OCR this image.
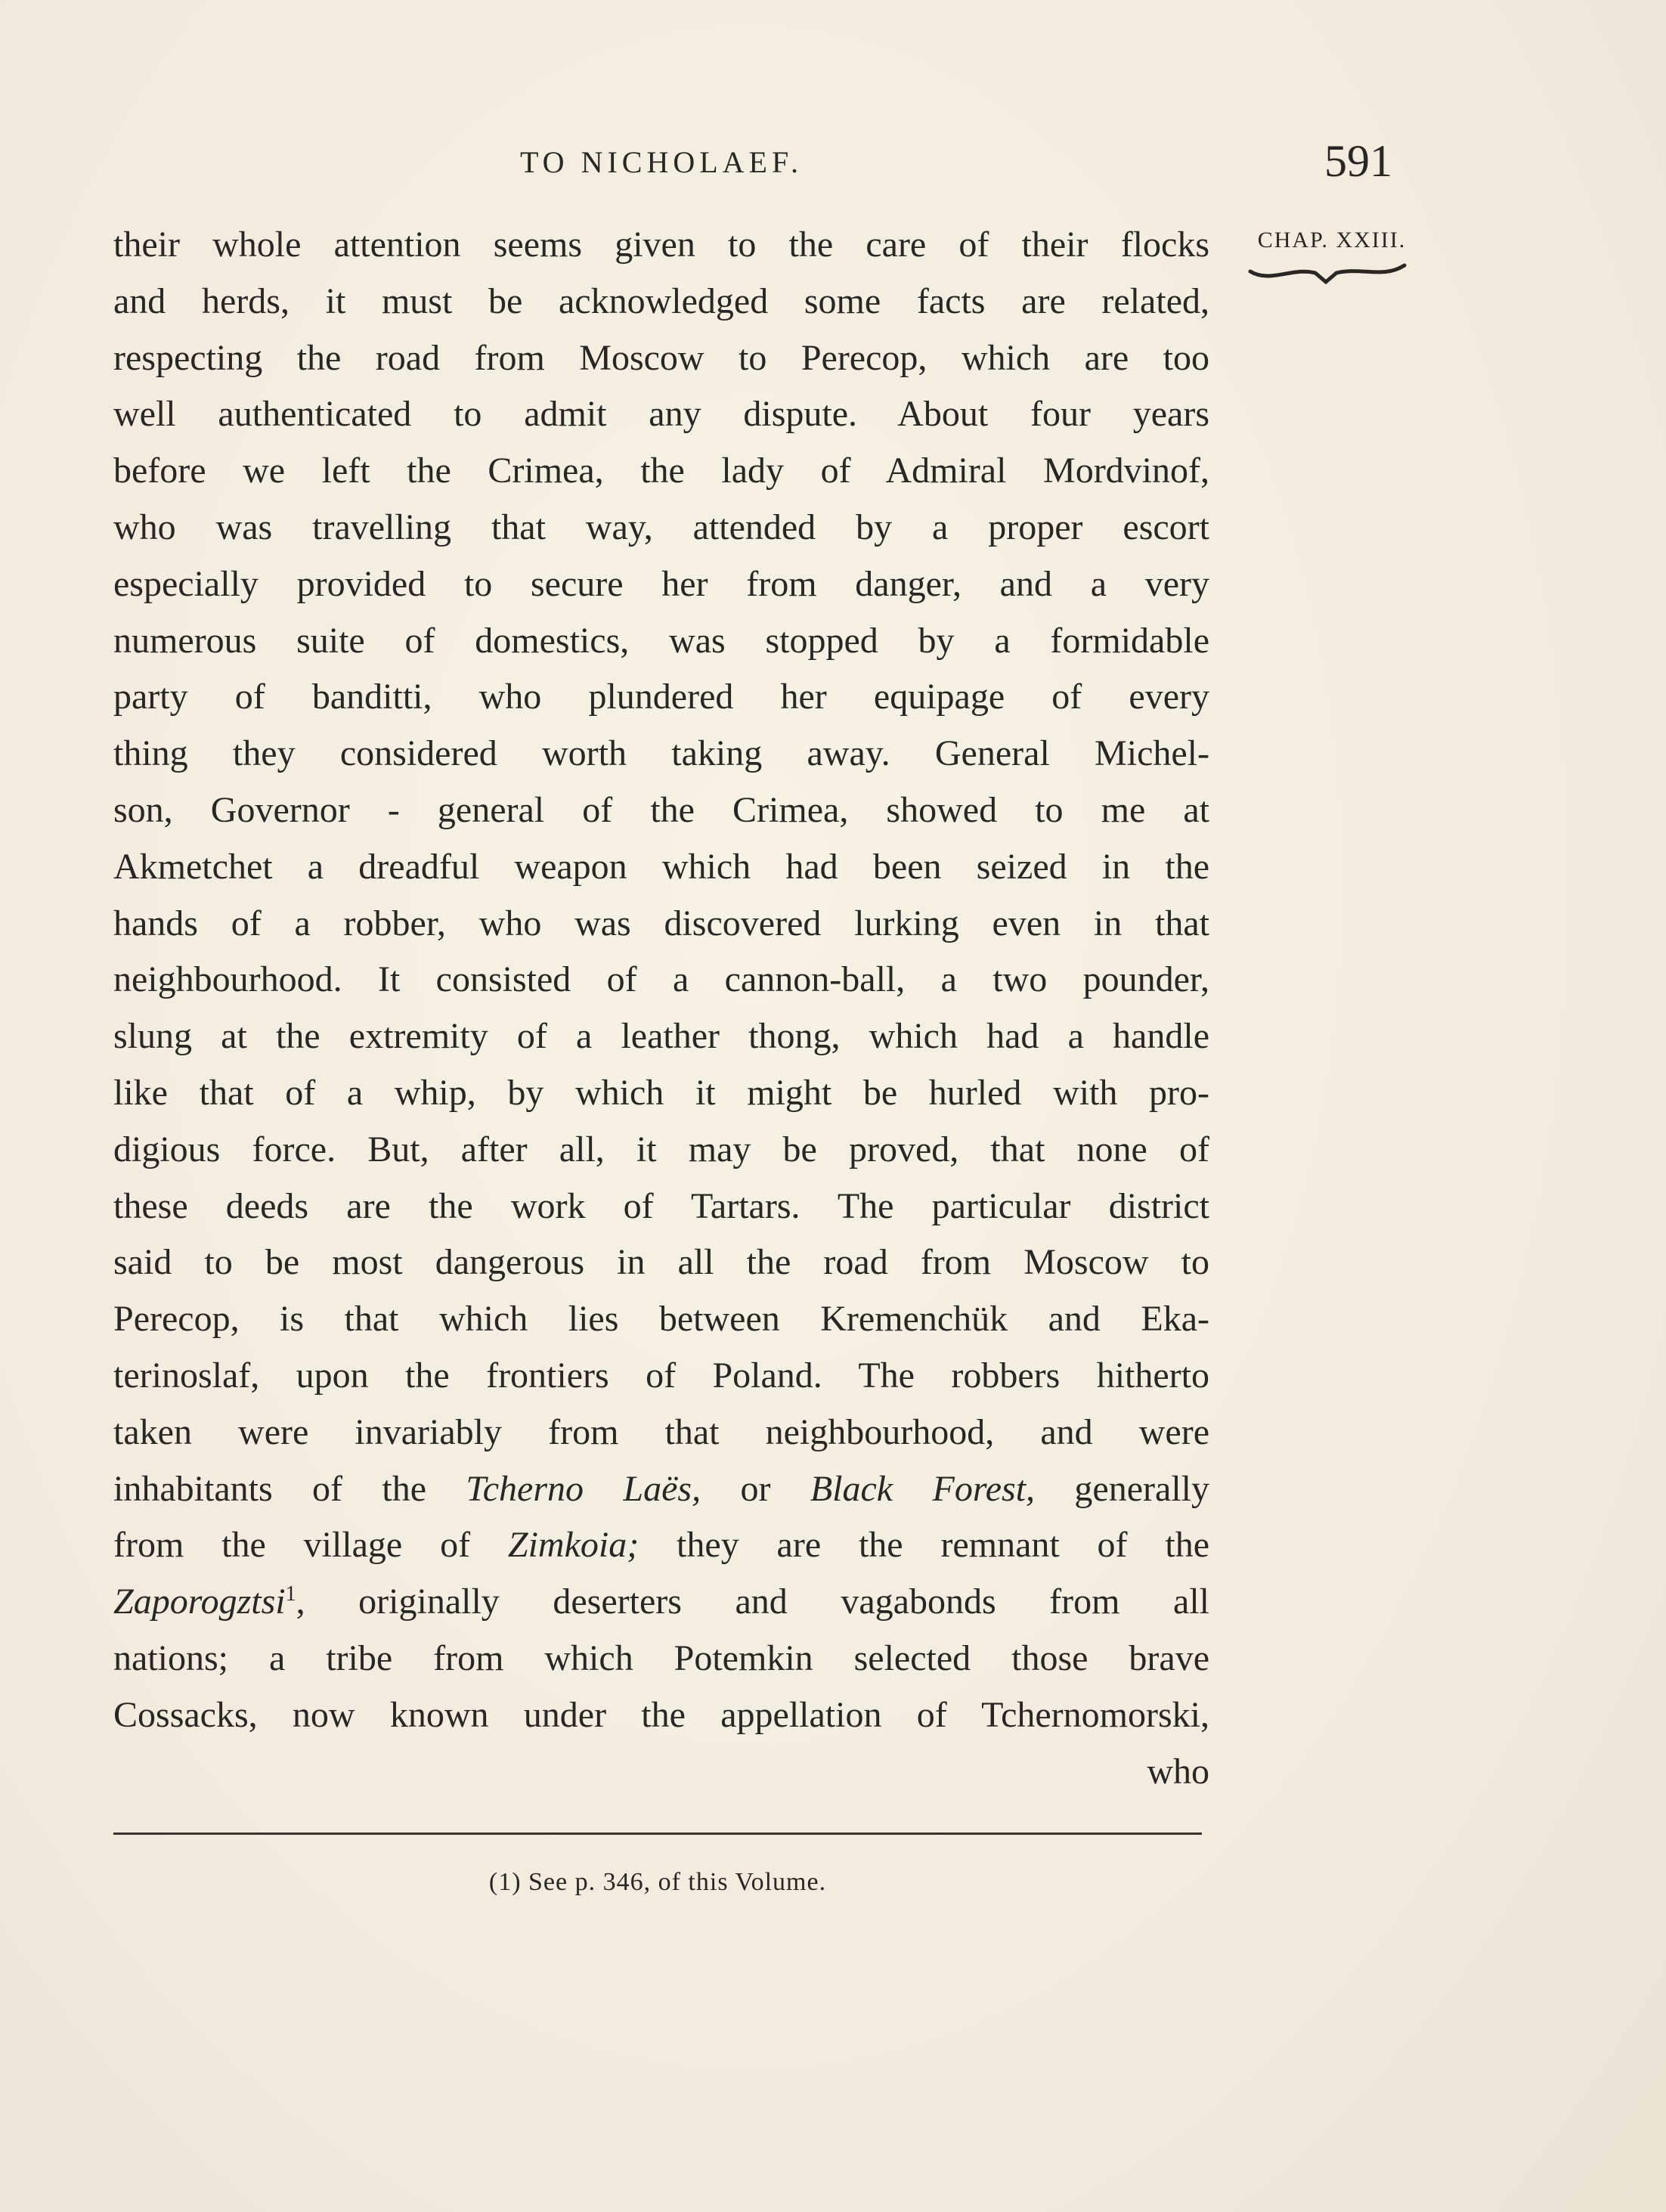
TO NICHOLAEF.	591
CHAP. XXIII.
their whole attention seems given to the care of their flocks
and herds, it must be acknowledged some facts are related,
respecting the road from Moscow to Perecop, which are too
well authenticated to admit any dispute. About four years
before we left the Crimea, the lady of Admiral Mordvinof,
who was travelling that way, attended by a proper escort
especially provided to secure her from danger, and a very
numerous suite of domestics, was stopped by a formidable
party of banditti, who plundered her equipage of every
thing they considered worth taking away. General Michel-
son, Governor - general of the Crimea, showed to me at
Akmetchet a dreadful weapon which had been seized in the
hands of a robber, who was discovered lurking even in that
neighbourhood. It consisted of a cannon-ball, a two pounder,
slung at the extremity of a leather thong, which had a handle
like that of a whip, by which it might be hurled with pro-
digious force. But, after all, it may be proved, that none of
these deeds are the work of Tartars. The particular district
said to be most dangerous in all the road from Moscow to
Perecop, is that which lies between Kremenchük and Eka-
terinoslaf, upon the frontiers of Poland. The robbers hitherto
taken were invariably from that neighbourhood, and were
inhabitants of the Tcherno Laës, or Black Forest, generally
from the village of Zimkoia; they are the remnant of the
Zaporogztsi$^1$, originally deserters and vagabonds from all
nations; a tribe from which Potemkin selected those brave
Cossacks, now known under the appellation of Tchernomorski,
who
(1) See p. 346, of this Volume.
